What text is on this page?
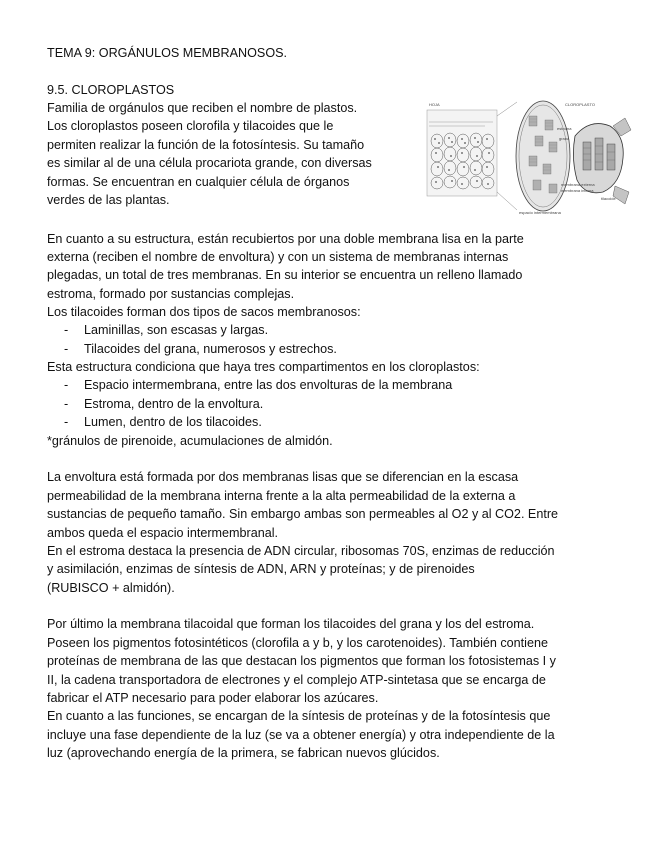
TEMA 9: ORGÁNULOS MEMBRANOSOS.
9.5. CLOROPLASTOS
Familia de orgánulos que reciben el nombre de plastos.
Los cloroplastos poseen clorofila y tilacoides que le
permiten realizar la función de la fotosíntesis. Su tamaño
es similar al de una célula procariota grande, con diversas
formas. Se encuentran en cualquier célula de órganos
verdes de las plantas.
HOJA	CLOROPLASTO
estroma
grana
membrana externa
membrana interna
espacio intermembrana
tilacoide
En cuanto a su estructura, están recubiertos por una doble membrana lisa en la parte
externa (reciben el nombre de envoltura) y con un sistema de membranas internas
plegadas, un total de tres membranas. En su interior se encuentra un relleno llamado
estroma, formado por sustancias complejas.
Los tilacoides forman dos tipos de sacos membranosos:
- Laminillas, son escasas y largas.
- Tilacoides del grana, numerosos y estrechos.
Esta estructura condiciona que haya tres compartimentos en los cloroplastos:
- Espacio intermembrana, entre las dos envolturas de la membrana
- Estroma, dentro de la envoltura.
- Lumen, dentro de los tilacoides.
*gránulos de pirenoide, acumulaciones de almidón.
La envoltura está formada por dos membranas lisas que se diferencian en la escasa
permeabilidad de la membrana interna frente a la alta permeabilidad de la externa a
sustancias de pequeño tamaño. Sin embargo ambas son permeables al O2 y al CO2. Entre
ambos queda el espacio intermembranal.
En el estroma destaca la presencia de ADN circular, ribosomas 70S, enzimas de reducción
y asimilación, enzimas de síntesis de ADN, ARN y proteínas; y de pirenoides
(RUBISCO + almidón).
Por último la membrana tilacoidal que forman los tilacoides del grana y los del estroma.
Poseen los pigmentos fotosintéticos (clorofila a y b, y los carotenoides). También contiene
proteínas de membrana de las que destacan los pigmentos que forman los fotosistemas I y
II, la cadena transportadora de electrones y el complejo ATP-sintetasa que se encarga de
fabricar el ATP necesario para poder elaborar los azúcares.
En cuanto a las funciones, se encargan de la síntesis de proteínas y de la fotosíntesis que
incluye una fase dependiente de la luz (se va a obtener energía) y otra independiente de la
luz (aprovechando energía de la primera, se fabrican nuevos glúcidos.
